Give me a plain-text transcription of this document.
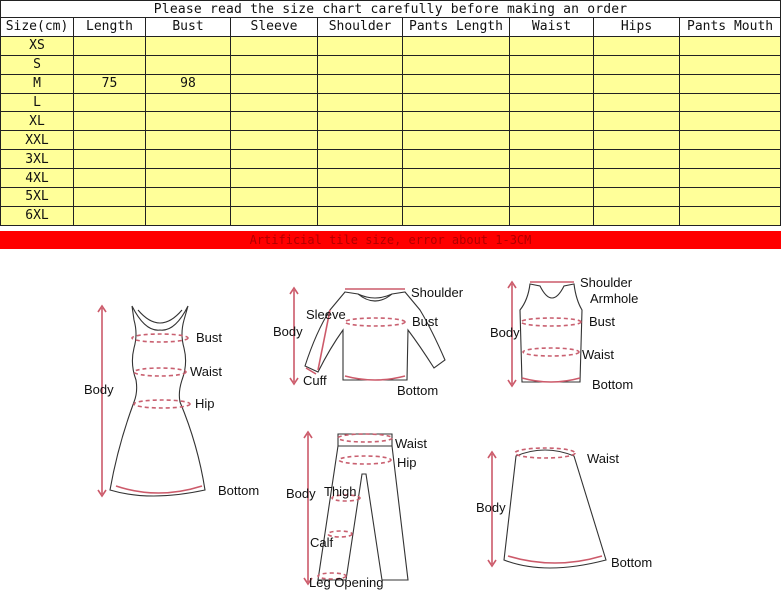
Please read the size chart carefully before making an order								
Size(cm)	Length	Bust	Sleeve	Shoulder	Pants Length	Waist	Hips	Pants Mouth
XS								
S								
M	75	98						
L								
XL								
XXL								
3XL								
4XL								
5XL								
6XL								
Artificial tile size, error about 1-3CM
Bust
Waist
Hip
Body
Bottom
Shoulder
Sleeve
Body
Bust
Cuff
Bottom
Shoulder
Armhole
Body
Bust
Waist
Bottom
Waist
Hip
Body Thigh
Calf
Leg Opening
Waist
Body
Bottom
